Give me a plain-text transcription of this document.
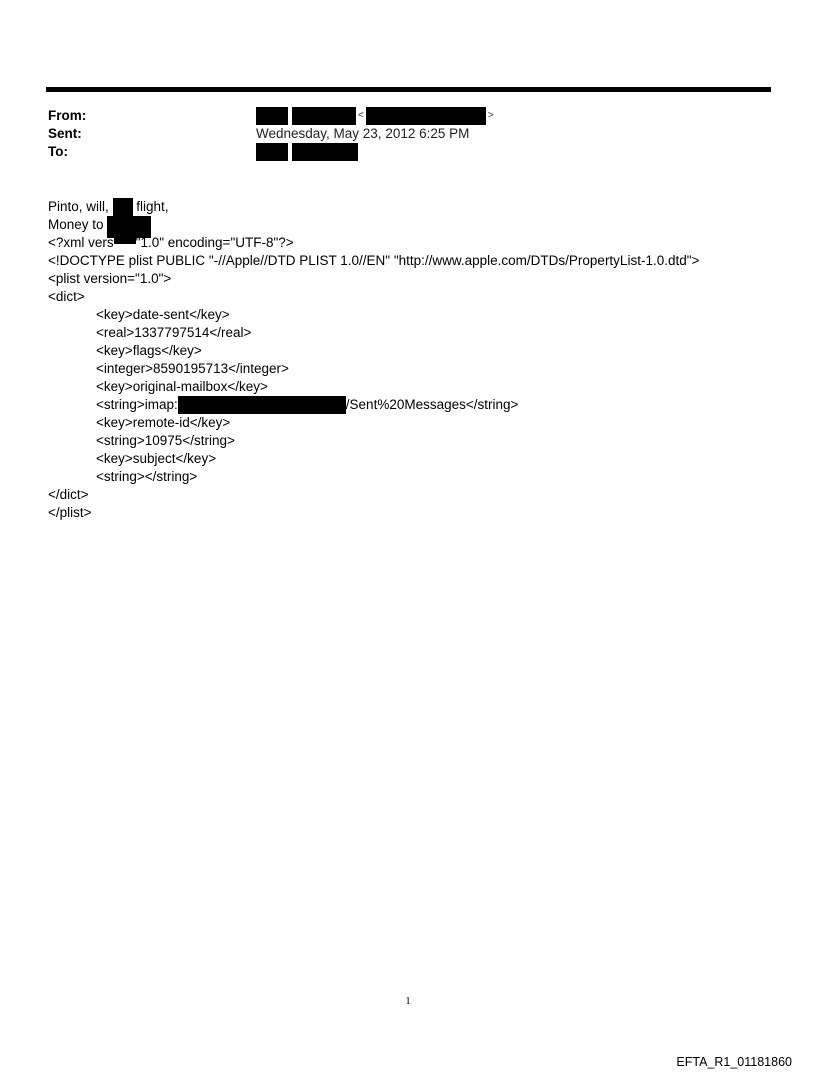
From:	<	>
Sent:	Wednesday, May 23, 2012 6:25 PM
To:
Pinto, will,  flight,
Money to
<?xml vers "1.0" encoding="UTF-8"?>
<!DOCTYPE plist PUBLIC "-//Apple//DTD PLIST 1.0//EN" "http://www.apple.com/DTDs/PropertyList-1.0.dtd">
<plist version="1.0">
<dict>
<key>date-sent</key>
<real>1337797514</real>
<key>flags</key>
<integer>8590195713</integer>
<key>original-mailbox</key>
<string>imap:	/Sent%20Messages</string>
<key>remote-id</key>
<string>10975</string>
<key>subject</key>
<string></string>
</dict>
</plist>
1
EFTA_R1_01181860
